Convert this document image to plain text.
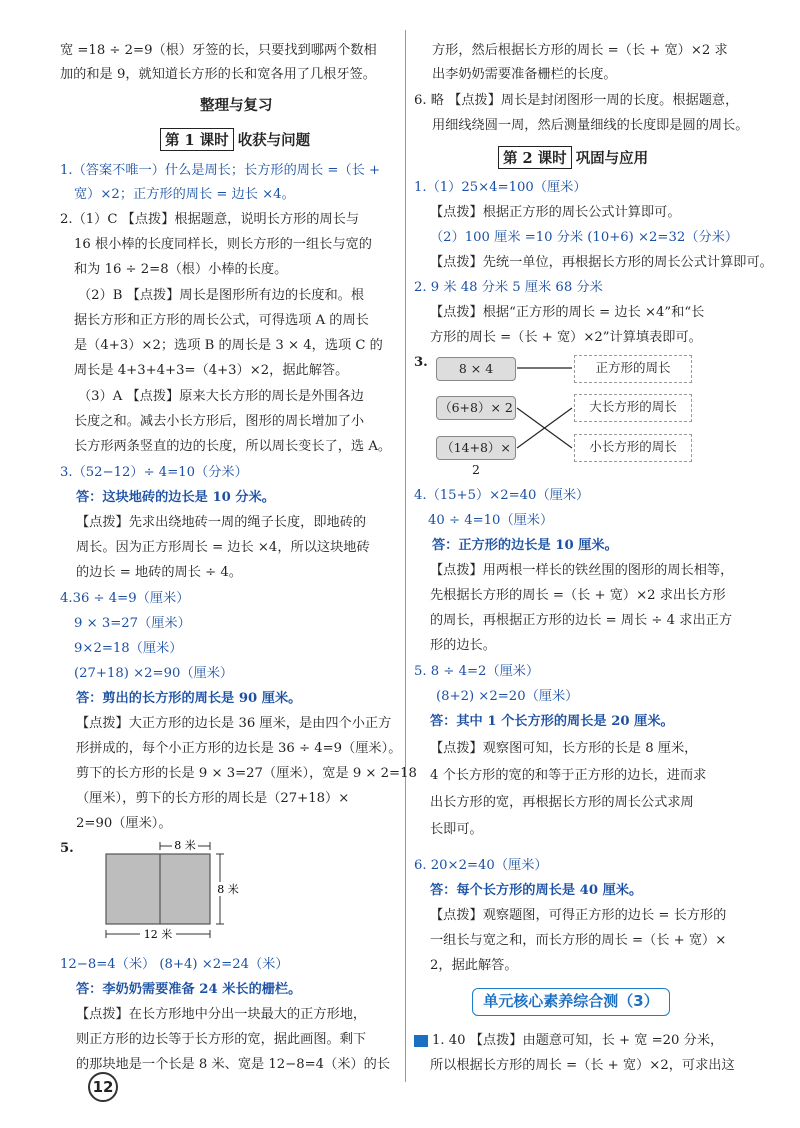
宽 =18 ÷ 2=9（根）牙签的长，只要找到哪两个数相
加的和是 9，就知道长方形的长和宽各用了几根牙签。
整理与复习
第 1 课时 收获与问题
1.（答案不唯一）什么是周长；长方形的周长 =（长 +
宽）×2；正方形的周长 = 边长 ×4。
2.（1）C 【点拨】根据题意，说明长方形的周长与
16 根小棒的长度同样长，则长方形的一组长与宽的
和为 16 ÷ 2=8（根）小棒的长度。
（2）B 【点拨】周长是图形所有边的长度和。根
据长方形和正方形的周长公式，可得选项 A 的周长
是（4+3）×2；选项 B 的周长是 3 × 4，选项 C 的
周长是 4+3+4+3=（4+3）×2，据此解答。
（3）A 【点拨】原来大长方形的周长是外围各边
长度之和。减去小长方形后，图形的周长增加了小
长方形两条竖直的边的长度，所以周长变长了，选 A。
3.（52−12）÷ 4=10（分米）
答：这块地砖的边长是 10 分米。
【点拨】先求出绕地砖一周的绳子长度，即地砖的
周长。因为正方形周长 = 边长 ×4，所以这块地砖
的边长 = 地砖的周长 ÷ 4。
4.36 ÷ 4=9（厘米）
9 × 3=27（厘米）
9×2=18（厘米）
(27+18) ×2=90（厘米）
答：剪出的长方形的周长是 90 厘米。
【点拨】大正方形的边长是 36 厘米，是由四个小正方
形拼成的，每个小正方形的边长是 36 ÷ 4=9（厘米）。
剪下的长方形的长是 9 × 3=27（厘米），宽是 9 × 2=18
（厘米），剪下的长方形的周长是（27+18）×
2=90（厘米）。
5.	8 米
8 米
12 米
12−8=4（米） (8+4) ×2=24（米）
答：李奶奶需要准备 24 米长的栅栏。
【点拨】在长方形地中分出一块最大的正方形地，
则正方形的边长等于长方形的宽，据此画图。剩下
的那块地是一个长是 8 米、宽是 12−8=4（米）的长
方形，然后根据长方形的周长 =（长 + 宽）×2 求
出李奶奶需要准备栅栏的长度。
6. 略 【点拨】周长是封闭图形一周的长度。根据题意，
用细线绕圆一周，然后测量细线的长度即是圆的周长。
第 2 课时 巩固与应用
1.（1）25×4=100（厘米）
【点拨】根据正方形的周长公式计算即可。
（2）100 厘米 =10 分米 (10+6) ×2=32（分米）
【点拨】先统一单位，再根据长方形的周长公式计算即可。
2. 9 米 48 分米 5 厘米 68 分米
【点拨】根据“正方形的周长 = 边长 ×4”和“长
方形的周长 =（长 + 宽）×2”计算填表即可。
3.	8 × 4
（6+8）× 2
（14+8）× 2
正方形的周长
大长方形的周长
小长方形的周长
4.（15+5）×2=40（厘米）
40 ÷ 4=10（厘米）
答：正方形的边长是 10 厘米。
【点拨】用两根一样长的铁丝围的图形的周长相等，
先根据长方形的周长 =（长 + 宽）×2 求出长方形
的周长，再根据正方形的边长 = 周长 ÷ 4 求出正方
形的边长。
5. 8 ÷ 4=2（厘米）
(8+2) ×2=20（厘米）
答：其中 1 个长方形的周长是 20 厘米。
【点拨】观察图可知，长方形的长是 8 厘米，
4 个长方形的宽的和等于正方形的边长，进而求
出长方形的宽，再根据长方形的周长公式求周
长即可。
6. 20×2=40（厘米）
答：每个长方形的周长是 40 厘米。
【点拨】观察题图，可得正方形的边长 = 长方形的
一组长与宽之和，而长方形的周长 =（长 + 宽）×
2，据此解答。
1. 40 【点拨】由题意可知，长 + 宽 =20 分米，
所以根据长方形的周长 =（长 + 宽）×2，可求出这
单元核心素养综合测（3）
12
